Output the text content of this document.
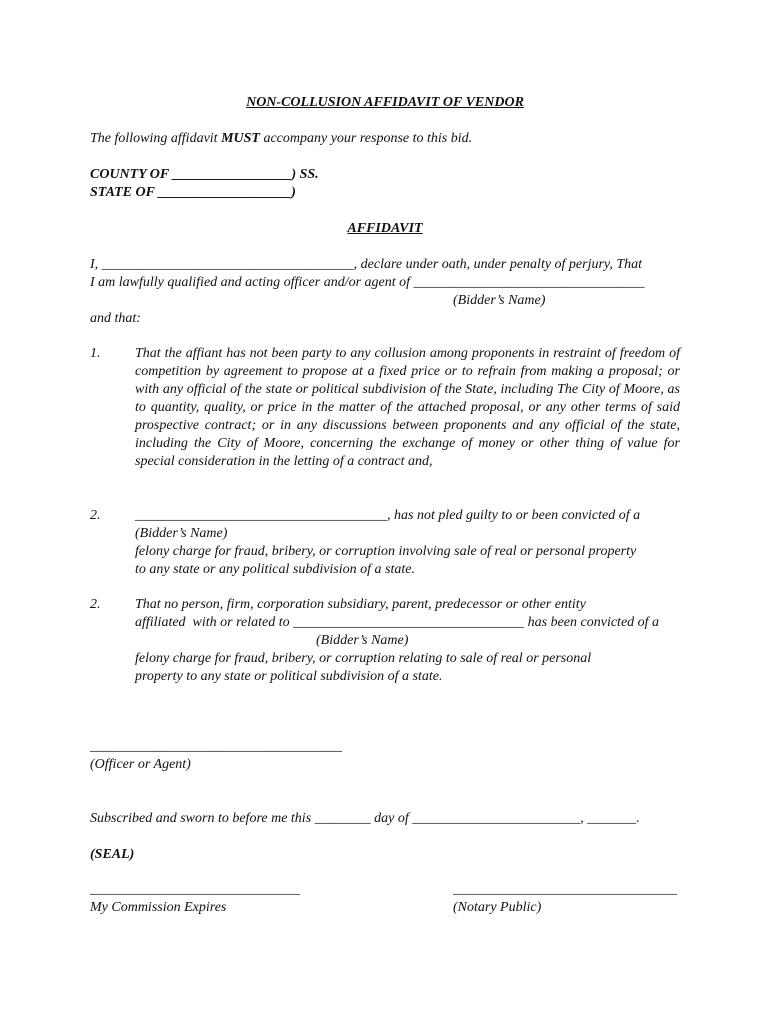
NON-COLLUSION AFFIDAVIT OF VENDOR
The following affidavit MUST accompany your response to this bid.
COUNTY OF _________________) SS.
STATE OF ___________________)
AFFIDAVIT
I, ____________________________________, declare under oath, under penalty of perjury, That
I am lawfully qualified and acting officer and/or agent of _________________________________
(Bidder’s Name)
and that:
1. That the affiant has not been party to any collusion among proponents in restraint of freedom of competition by agreement to propose at a fixed price or to refrain from making a proposal; or with any official of the state or political subdivision of the State, including The City of Moore, as to quantity, quality, or price in the matter of the attached proposal, or any other terms of said prospective contract; or in any discussions between proponents and any official of the state, including the City of Moore, concerning the exchange of money or other thing of value for special consideration in the letting of a contract and,
2. ____________________________________, has not pled guilty to or been convicted of a
(Bidder’s Name)
felony charge for fraud, bribery, or corruption involving sale of real or personal property
to any state or any political subdivision of a state.
2. That no person, firm, corporation subsidiary, parent, predecessor or other entity
affiliated  with or related to _________________________________ has been convicted of a
(Bidder’s Name)
felony charge for fraud, bribery, or corruption relating to sale of real or personal
property to any state or political subdivision of a state.
____________________________________
(Officer or Agent)
Subscribed and sworn to before me this ________ day of ________________________, _______.
(SEAL)
______________________________
My Commission Expires
________________________________
(Notary Public)
